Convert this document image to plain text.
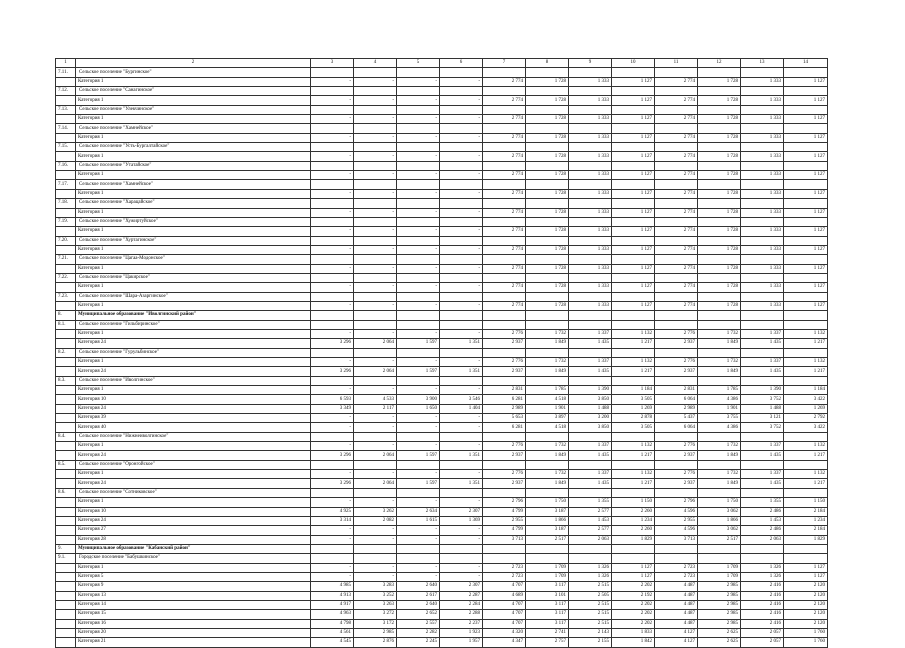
1	2	3	4	5	6	7	8	9	10	11	12	13	14
7.11.	Сельское поселение "Бургинское"												
	Категория 1	-	-	-	-	2 774	1 728	1 333	1 127	2 774	1 728	1 333	1 127
7.12.	Сельское поселение "Санагинское"												
	Категория 1	-	-	-	-	2 774	1 728	1 333	1 127	2 774	1 728	1 333	1 127
7.13.	Сельское поселение "Улекчинское"												
	Категория 1	-	-	-	-	2 774	1 728	1 333	1 127	2 774	1 728	1 333	1 127
7.14.	Сельское поселение "Хамнейское"												
	Категория 1	-	-	-	-	2 774	1 728	1 333	1 127	2 774	1 728	1 333	1 127
7.15.	Сельское поселение "Усть-Бургалтайское"												
	Категория 1	-	-	-	-	2 774	1 728	1 333	1 127	2 774	1 728	1 333	1 127
7.16.	Сельское поселение "Утатайское"												
	Категория 1	-	-	-	-	2 774	1 728	1 333	1 127	2 774	1 728	1 333	1 127
7.17.	Сельское поселение "Хамнейское"												
	Категория 1	-	-	-	-	2 774	1 728	1 333	1 127	2 774	1 728	1 333	1 127
7.18.	Сельское поселение "Харацайское"												
	Категория 1	-	-	-	-	2 774	1 728	1 333	1 127	2 774	1 728	1 333	1 127
7.19.	Сельское поселение "Хужиртуйское"												
	Категория 1	-	-	-	-	2 774	1 728	1 333	1 127	2 774	1 728	1 333	1 127
7.20.	Сельское поселение "Хуртагинское"												
	Категория 1	-	-	-	-	2 774	1 728	1 333	1 127	2 774	1 728	1 333	1 127
7.21.	Сельское поселение "Цагаа-Модонское"												
	Категория 1	-	-	-	-	2 774	1 728	1 333	1 127	2 774	1 728	1 333	1 127
7.22.	Сельское поселение "Цакирское"												
	Категория 1	-	-	-	-	2 774	1 728	1 333	1 127	2 774	1 728	1 333	1 127
7.23.	Сельское поселение "Шара-Азаргинское"												
	Категория 1	-	-	-	-	2 774	1 728	1 333	1 127	2 774	1 728	1 333	1 127
8.	Муниципальное образование "Иволгинский район"												
8.1.	Сельское поселение "Гильбиринское"												
	Категория 1	-	-	-	-	2 776	1 732	1 337	1 132	2 776	1 732	1 337	1 132
	Категория 24	3 296	2 064	1 597	1 351	2 937	1 849	1 435	1 217	2 937	1 849	1 435	1 217
8.2.	Сельское поселение "Гурульбинское"												
	Категория 1	-	-	-	-	2 776	1 732	1 337	1 132	2 776	1 732	1 337	1 132
	Категория 24	3 296	2 064	1 597	1 351	2 937	1 849	1 435	1 217	2 937	1 849	1 435	1 217
8.3.	Сельское поселение "Иволгинское"												
	Категория 1	-	-	-	-	2 831	1 785	1 390	1 184	2 831	1 785	1 390	1 184
	Категория 10	6 593	4 533	3 900	3 546	6 281	4 518	3 850	3 505	6 064	4 386	3 752	3 422
	Категория 24	3 349	2 117	1 650	1 404	2 989	1 901	1 488	1 269	2 989	1 901	1 488	1 269
	Категория 39	-	-	-	-	5 653	3 897	3 200	2 878	5 437	3 755	3 121	2 792
	Категория 40	-	-	-	-	6 281	4 518	3 850	3 505	6 064	4 386	3 752	3 422
8.4.	Сельское поселение "Нижнеиволгинское"												
	Категория 1	-	-	-	-	2 776	1 732	1 337	1 132	2 776	1 732	1 337	1 132
	Категория 24	3 296	2 064	1 597	1 351	2 937	1 849	1 435	1 217	2 937	1 849	1 435	1 217
8.5.	Сельское поселение "Оронгойское"												
	Категория 1	-	-	-	-	2 776	1 732	1 337	1 132	2 776	1 732	1 337	1 132
	Категория 24	3 296	2 064	1 597	1 351	2 937	1 849	1 435	1 217	2 937	1 849	1 435	1 217
8.6.	Сельское поселение "Сотниковское"												
	Категория 1	-	-	-	-	2 796	1 750	1 355	1 150	2 796	1 750	1 355	1 150
	Категория 10	4 925	3 262	2 634	2 307	4 799	3 187	2 577	2 260	4 596	3 062	2 486	2 184
	Категория 24	3 314	2 082	1 615	1 369	2 955	1 866	1 453	1 234	2 955	1 866	1 453	1 234
	Категория 27	-	-	-	-	4 799	3 187	2 577	2 260	4 596	3 062	2 486	2 184
	Категория 28	-	-	-	-	3 713	2 517	2 063	1 829	3 713	2 517	2 063	1 829
9.	Муниципальное образование "Кабанский район"												
9.1.	Городское поселение "Бабушкинское"												
	Категория 1	-	-	-	-	2 723	1 709	1 326	1 127	2 723	1 709	1 326	1 127
	Категория 5	-	-	-	-	2 723	1 709	1 326	1 127	2 723	1 709	1 326	1 127
	Категория 9	4 985	3 283	2 640	2 307	4 707	3 117	2 515	2 202	4 487	2 985	2 416	2 120
	Категория 13	4 913	3 252	2 617	2 287	4 689	3 101	2 505	2 192	4 487	2 985	2 416	2 120
	Категория 14	4 917	3 263	2 640	2 284	4 707	3 117	2 515	2 202	4 487	2 985	2 416	2 120
	Категория 15	4 963	3 272	2 652	2 288	4 707	3 117	2 515	2 202	4 487	2 985	2 416	2 120
	Категория 16	4 798	3 172	2 557	2 237	4 707	3 117	2 515	2 202	4 487	2 985	2 416	2 120
	Категория 20	4 561	2 985	2 282	1 923	4 320	2 741	2 143	1 833	4 127	2 625	2 057	1 760
	Категория 21	4 545	2 876	2 245	1 957	4 347	2 757	2 155	1 842	4 127	2 625	2 057	1 760
